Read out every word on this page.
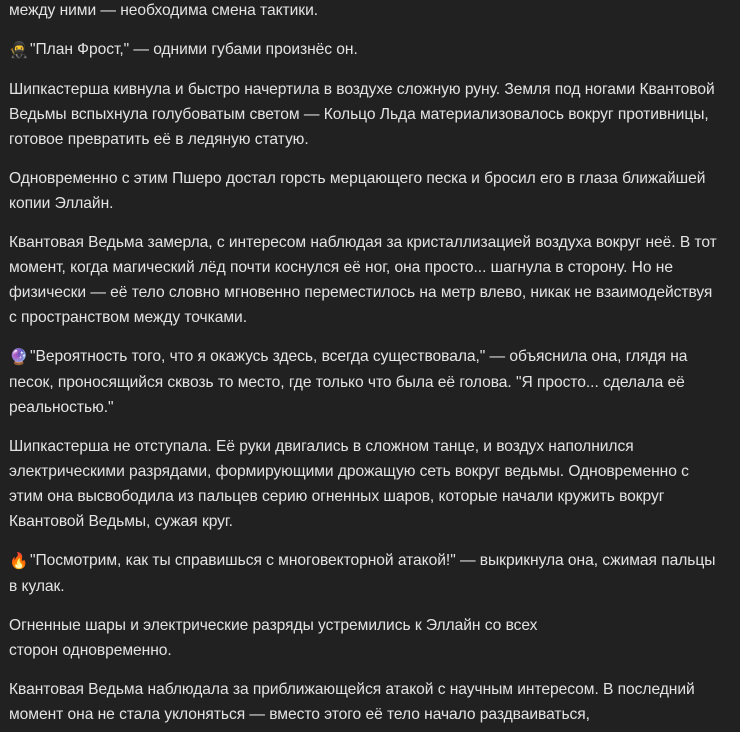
между ними — необходима смена тактики.

🥷 "План Фрост," — одними губами произнёс он.

Шипкастерша кивнула и быстро начертила в воздухе сложную руну. Земля под ногами Квантовой Ведьмы вспыхнула голубоватым светом — Кольцо Льда материализовалось вокруг противницы, готовое превратить её в ледяную статую.

Одновременно с этим Пшеро достал горсть мерцающего песка и бросил его в глаза ближайшей копии Эллайн.

Квантовая Ведьма замерла, с интересом наблюдая за кристаллизацией воздуха вокруг неё. В тот момент, когда магический лёд почти коснулся её ног, она просто... шагнула в сторону. Но не физически — её тело словно мгновенно переместилось на метр влево, никак не взаимодействуя с пространством между точками.

🔮 "Вероятность того, что я окажусь здесь, всегда существовала," — объяснила она, глядя на песок, проносящийся сквозь то место, где только что была её голова. "Я просто... сделала её реальностью."

Шипкастерша не отступала. Её руки двигались в сложном танце, и воздух наполнился электрическими разрядами, формирующими дрожащую сеть вокруг ведьмы. Одновременно с этим она высвободила из пальцев серию огненных шаров, которые начали кружить вокруг Квантовой Ведьмы, сужая круг.

🔥 "Посмотрим, как ты справишься с многовекторной атакой!" — выкрикнула она, сжимая пальцы в кулак.

Огненные шары и электрические разряды устремились к Эллайн со всех сторон одновременно.

Квантовая Ведьма наблюдала за приближающейся атакой с научным интересом. В последний момент она не стала уклоняться — вместо этого её тело начало раздваиваться,
